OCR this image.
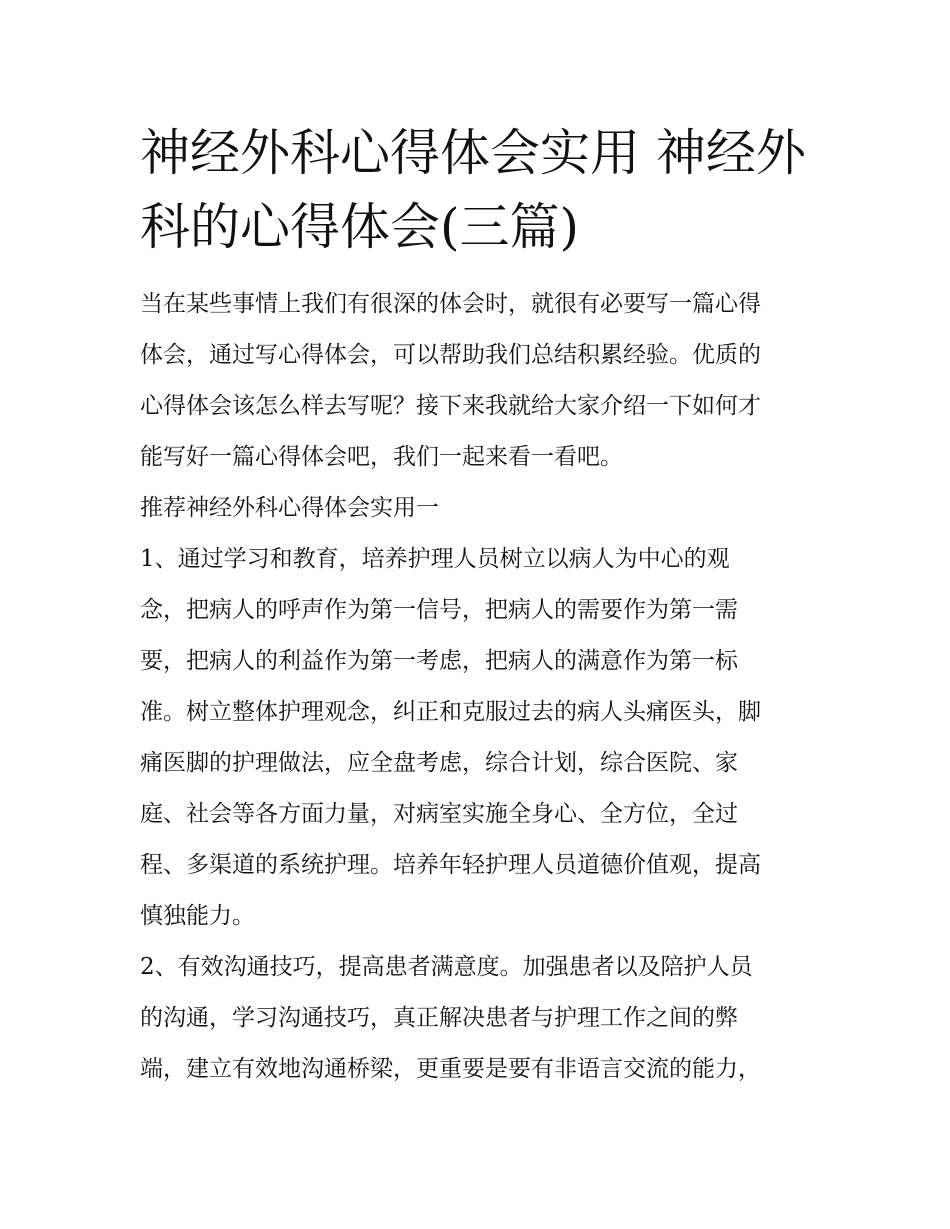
神经外科心得体会实用 神经外
科的心得体会(三篇)
当在某些事情上我们有很深的体会时，就很有必要写一篇心得
体会，通过写心得体会，可以帮助我们总结积累经验。优质的
心得体会该怎么样去写呢？接下来我就给大家介绍一下如何才
能写好一篇心得体会吧，我们一起来看一看吧。
推荐神经外科心得体会实用一
1、通过学习和教育，培养护理人员树立以病人为中心的观
念，把病人的呼声作为第一信号，把病人的需要作为第一需
要，把病人的利益作为第一考虑，把病人的满意作为第一标
准。树立整体护理观念，纠正和克服过去的病人头痛医头，脚
痛医脚的护理做法，应全盘考虑，综合计划，综合医院、家
庭、社会等各方面力量，对病室实施全身心、全方位，全过
程、多渠道的系统护理。培养年轻护理人员道德价值观，提高
慎独能力。
2、有效沟通技巧，提高患者满意度。加强患者以及陪护人员
的沟通，学习沟通技巧，真正解决患者与护理工作之间的弊
端，建立有效地沟通桥梁，更重要是要有非语言交流的能力，
